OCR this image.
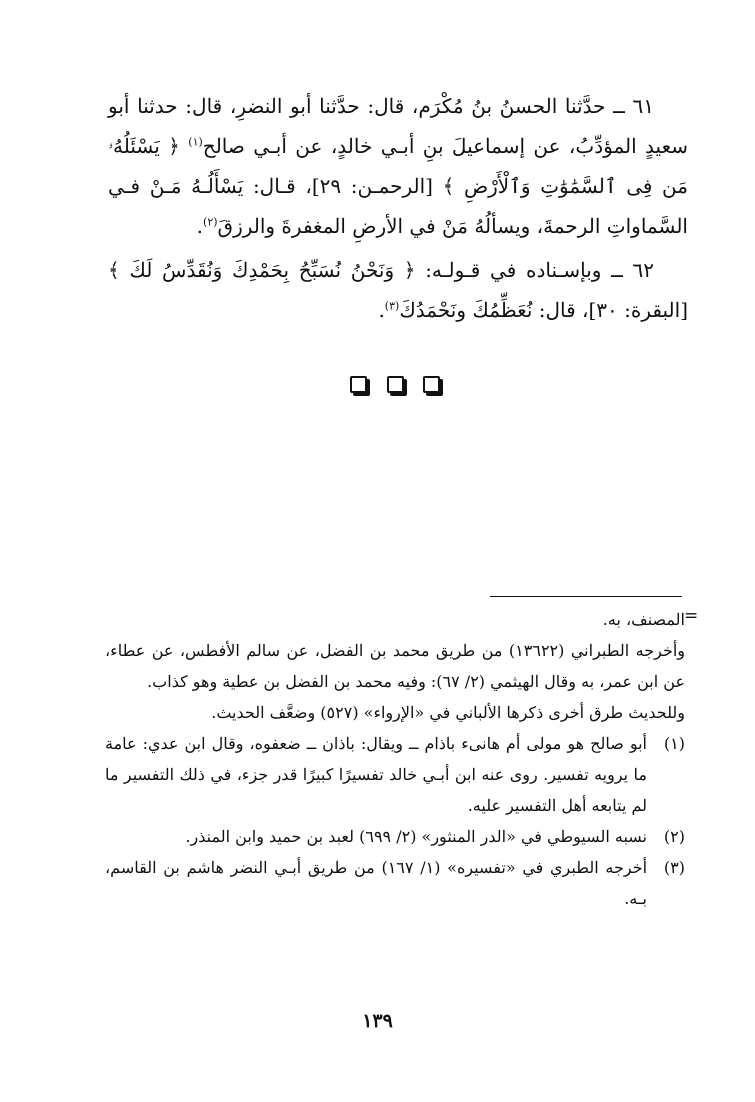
٦١ ــ حدَّثنا الحسنُ بنُ مُكْرَم، قال: حدَّثنا أبو النضرِ، قال: حدثنا أبو سعيدٍ المؤدِّبُ، عن إسماعيلَ بنِ أبـي خالدٍ، عن أبـي صالح$^{(١)}$ ﴿ يَسْئَلُهُۥ مَن فِى ٱلسَّمَٰوَٰتِ وَٱلْأَرْضِ ﴾ [الرحمـن: ٢٩]، قـال: يَسْأَلُـهُ مَـنْ فـي السَّماواتِ الرحمةَ، ويسألُهُ مَنْ في الأرضِ المغفرةَ والرزقَ$^{(٢)}$.

٦٢ ــ وبإسـناده في قـولـه: ﴿ وَنَحْنُ نُسَبِّحُ بِحَمْدِكَ وَنُقَدِّسُ لَكَ ﴾ [البقرة: ٣٠]، قال: نُعَظِّمُكَ ونَحْمَدُكَ$^{(٣)}$.

=

المصنف، به.

وأخرجه الطبراني (١٣٦٢٢) من طريق محمد بن الفضل، عن سالم الأفطس، عن عطاء، عن ابن عمر، به وقال الهيثمي (٢/ ٦٧): وفيه محمد بن الفضل بن عطية وهو كذاب.

وللحديث طرق أخرى ذكرها الألباني في «الإرواء» (٥٢٧) وضعَّف الحديث.

(١)
أبو صالح هو مولى أم هانىء باذام ــ ويقال: باذان ــ ضعفوه، وقال ابن عدي: عامة ما يرويه تفسير. روى عنه ابن أبـي خالد تفسيرًا كبيرًا قدر جزء، في ذلك التفسير ما لم يتابعه أهل التفسير عليه.
(٢)
نسبه السيوطي في «الدر المنثور» (٢/ ٦٩٩) لعبد بن حميد وابن المنذر.
(٣)
أخرجه الطبري في «تفسيره» (١/ ١٦٧) من طريق أبـي النضر هاشم بن القاسم، بـه.
١٣٩
